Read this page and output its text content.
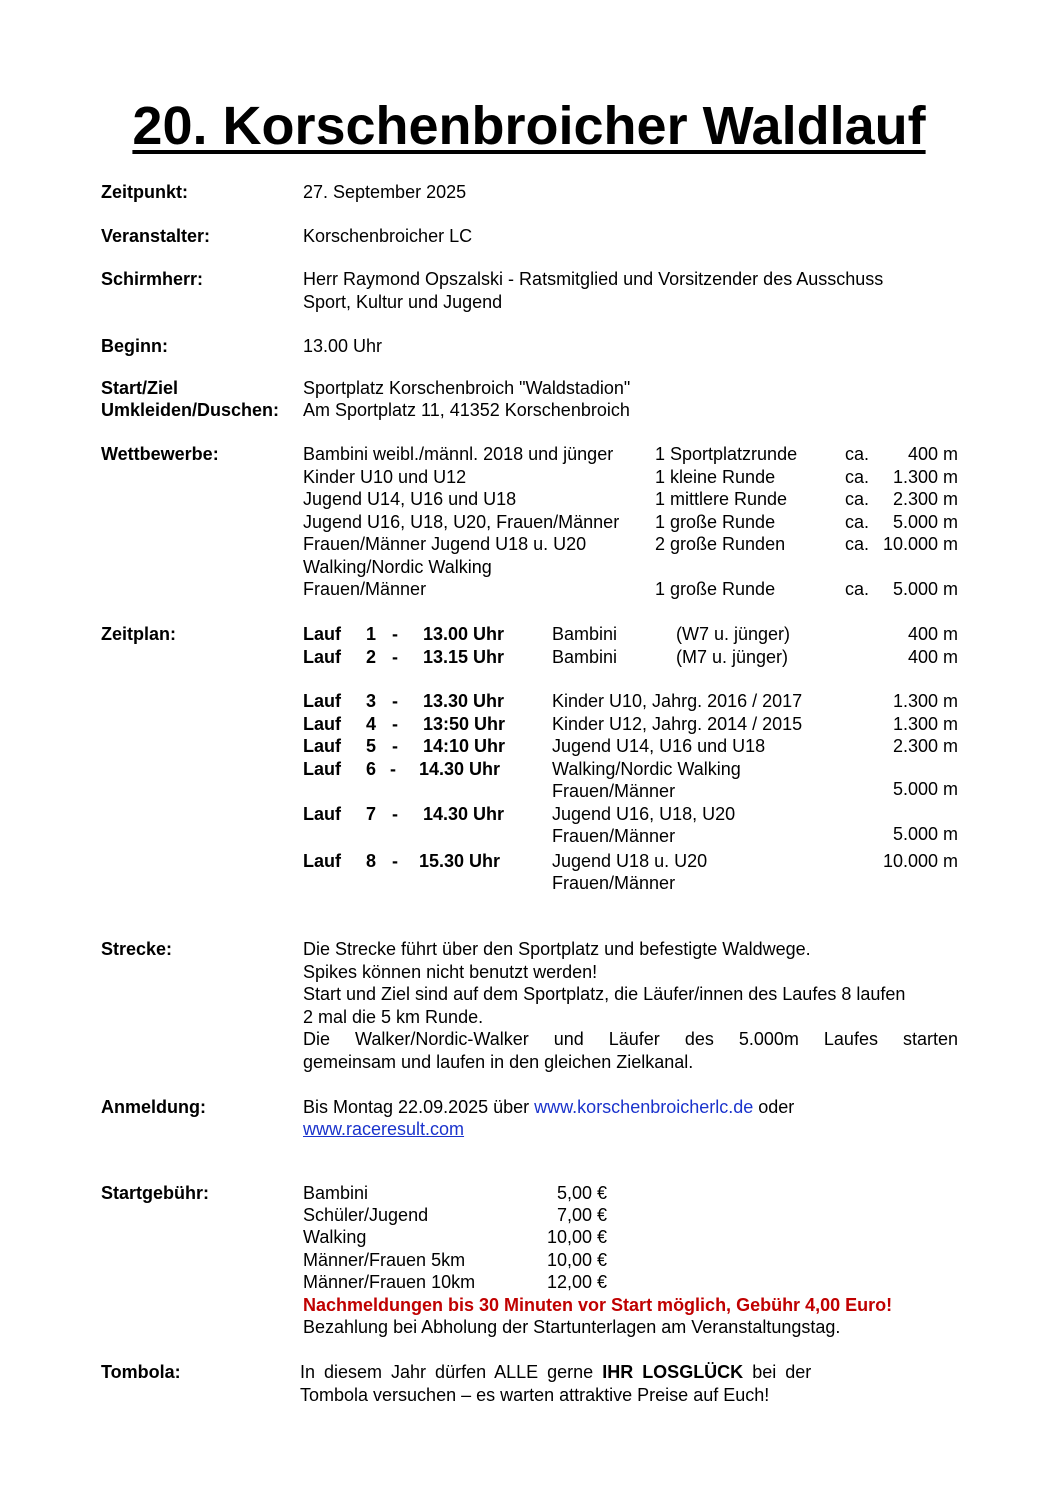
20. Korschenbroicher Waldlauf
Zeitpunkt:	27. September 2025
Veranstalter:	Korschenbroicher LC
Schirmherr:	Herr Raymond Opszalski - Ratsmitglied und Vorsitzender des Ausschuss
Sport, Kultur und Jugend
Beginn:	13.00 Uhr
Start/Ziel
Umkleiden/Duschen:
Sportplatz Korschenbroich "Waldstadion"
Am Sportplatz 11, 41352 Korschenbroich
Wettbewerbe:	Bambini weibl./männl. 2018 und jünger 1 Sportplatzrunde	ca.	400 m
Kinder U10 und U12	1 kleine Runde	ca.	1.300 m
Jugend U14, U16 und U18	1 mittlere Runde	ca.	2.300 m
Jugend U16, U18, U20, Frauen/Männer 1 große Runde	ca.	5.000 m
Frauen/Männer Jugend U18 u. U20	2 große Runden	ca. 10.000 m
Walking/Nordic Walking
Frauen/Männer	1 große Runde	ca.	5.000 m
Zeitplan:	Lauf 1 - 13.00 Uhr	Bambini	(W7 u. jünger)	400 m
Lauf 2 - 13.15 Uhr	Bambini	(M7 u. jünger)	400 m
Lauf 3 - 13.30 Uhr	Kinder U10, Jahrg. 2016 / 2017	1.300 m
Lauf 4 - 13:50 Uhr	Kinder U12, Jahrg. 2014 / 2015	1.300 m
Lauf 5 - 14:10 Uhr	Jugend U14, U16 und U18	2.300 m
Lauf 6 - 14.30 Uhr	Walking/Nordic Walking
Frauen/Männer	5.000 m
Lauf 7 - 14.30 Uhr	Jugend U16, U18, U20
Frauen/Männer	5.000 m
Lauf 8 - 15.30 Uhr	Jugend U18 u. U20
Frauen/Männer
10.000 m
Strecke:	Die Strecke führt über den Sportplatz und befestigte Waldwege.
Spikes können nicht benutzt werden!
Start und Ziel sind auf dem Sportplatz, die Läufer/innen des Laufes 8 laufen
2 mal die 5 km Runde.
Die Walker/Nordic-Walker und Läufer des 5.000m Laufes starten
gemeinsam und laufen in den gleichen Zielkanal.
Anmeldung:	Bis Montag 22.09.2025 über www.korschenbroicherlc.de oder
www.raceresult.com
Startgebühr:	Bambini	5,00 €
Schüler/Jugend	7,00 €
Walking	10,00 €
Männer/Frauen 5km	10,00 €
Männer/Frauen 10km	12,00 €
Nachmeldungen bis 30 Minuten vor Start möglich, Gebühr 4,00 Euro!
Bezahlung bei Abholung der Startunterlagen am Veranstaltungstag.
Tombola:	In diesem Jahr dürfen ALLE gerne IHR LOSGLÜCK bei der
Tombola versuchen – es warten attraktive Preise auf Euch!
